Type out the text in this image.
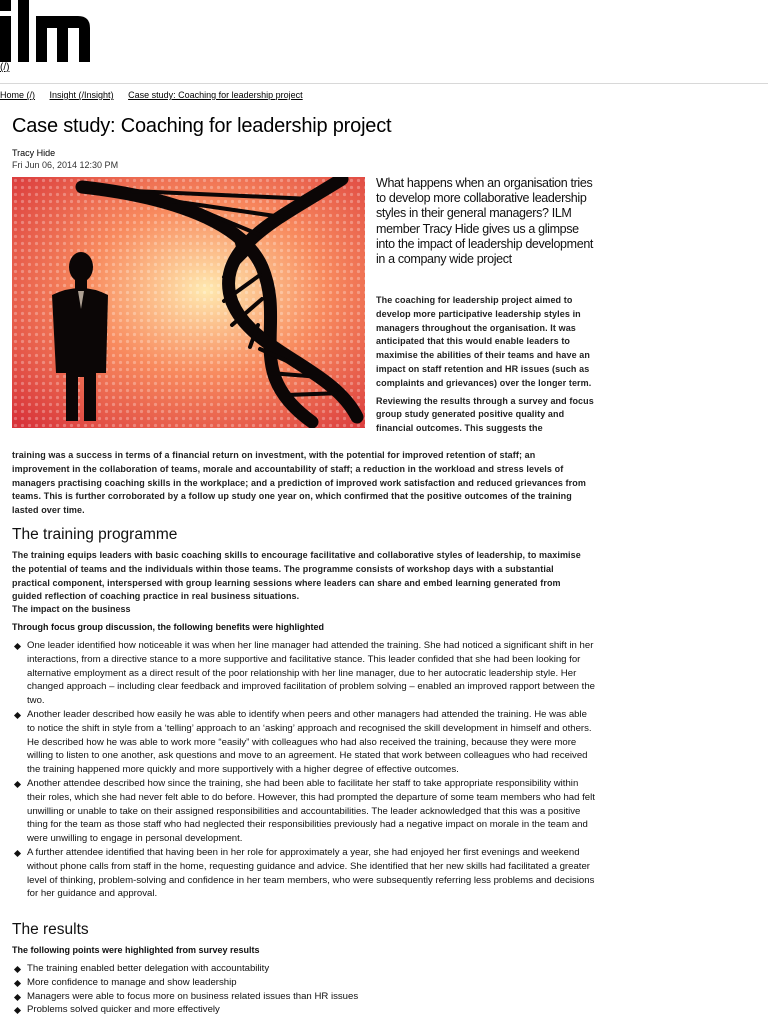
(/)
Home (/) Insight (/Insight) Case study: Coaching for leadership project
Case study: Coaching for leadership project
Tracy Hide
Fri Jun 06, 2014 12:30 PM
What happens when an organisation tries to develop more collaborative leadership styles in their general managers? ILM member Tracy Hide gives us a glimpse into the impact of leadership development in a company wide project

The coaching for leadership project aimed to develop more participative leadership styles in managers throughout the organisation. It was anticipated that this would enable leaders to maximise the abilities of their teams and have an impact on staff retention and HR issues (such as complaints and grievances) over the longer term.

Reviewing the results through a survey and focus group study generated positive quality and financial outcomes. This suggests the

training was a success in terms of a financial return on investment, with the potential for improved retention of staff; an improvement in the collaboration of teams, morale and accountability of staff; a reduction in the workload and stress levels of managers practising coaching skills in the workplace; and a prediction of improved work satisfaction and reduced grievances from teams. This is further corroborated by a follow up study one year on, which confirmed that the positive outcomes of the training lasted over time.
The training programme
The training equips leaders with basic coaching skills to encourage facilitative and collaborative styles of leadership, to maximise the potential of teams and the individuals within those teams. The programme consists of workshop days with a substantial practical component, interspersed with group learning sessions where leaders can share and embed learning generated from guided reflection of coaching practice in real business situations.
The impact on the business
Through focus group discussion, the following benefits were highlighted
One leader identified how noticeable it was when her line manager had attended the training. She had noticed a significant shift in her interactions, from a directive stance to a more supportive and facilitative stance. This leader confided that she had been looking for alternative employment as a direct result of the poor relationship with her line manager, due to her autocratic leadership style. Her changed approach – including clear feedback and improved facilitation of problem solving – enabled an improved rapport between the two.
Another leader described how easily he was able to identify when peers and other managers had attended the training. He was able to notice the shift in style from a ‘telling’ approach to an ‘asking’ approach and recognised the skill development in himself and others. He described how he was able to work more “easily” with colleagues who had also received the training, because they were more willing to listen to one another, ask questions and move to an agreement. He stated that work between colleagues who had received the training happened more quickly and more supportively with a higher degree of effective outcomes.
Another attendee described how since the training, she had been able to facilitate her staff to take appropriate responsibility within their roles, which she had never felt able to do before. However, this had prompted the departure of some team members who had felt unwilling or unable to take on their assigned responsibilities and accountabilities. The leader acknowledged that this was a positive thing for the team as those staff who had neglected their responsibilities previously had a negative impact on morale in the team and were unwilling to engage in personal development.
A further attendee identified that having been in her role for approximately a year, she had enjoyed her first evenings and weekend without phone calls from staff in the home, requesting guidance and advice. She identified that her new skills had facilitated a greater level of thinking, problem-solving and confidence in her team members, who were subsequently referring less problems and decisions for her guidance and approval.
The results
The following points were highlighted from survey results
The training enabled better delegation with accountability
More confidence to manage and show leadership
Managers were able to focus more on business related issues than HR issues
Problems solved quicker and more effectively
